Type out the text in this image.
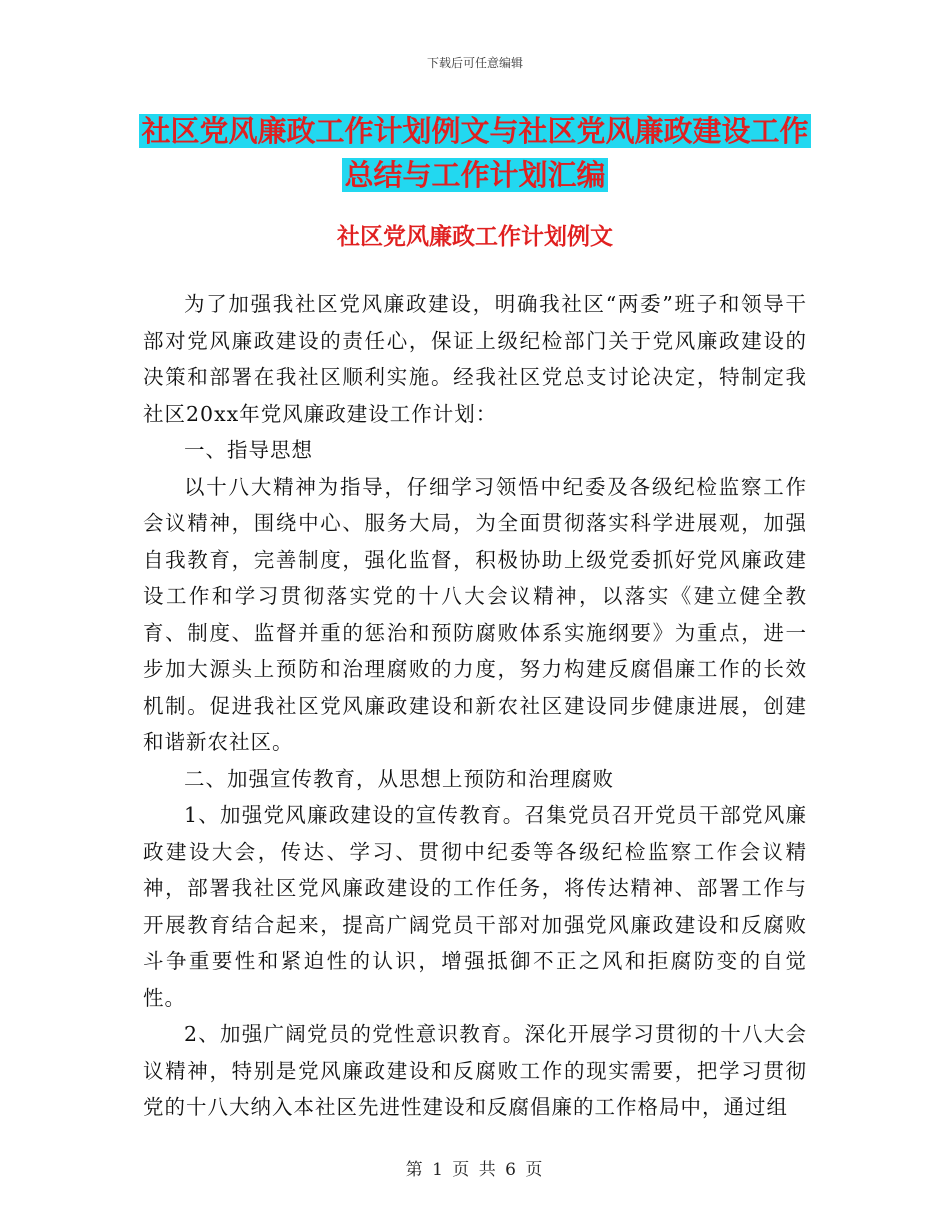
下载后可任意编辑
社区党风廉政工作计划例文与社区党风廉政建设工作
总结与工作计划汇编
社区党风廉政工作计划例文

为了加强我社区党风廉政建设，明确我社区“两委”班子和领导干部对党风廉政建设的责任心，保证上级纪检部门关于党风廉政建设的决策和部署在我社区顺利实施。经我社区党总支讨论决定，特制定我社区20xx年党风廉政建设工作计划：

一、指导思想

以十八大精神为指导，仔细学习领悟中纪委及各级纪检监察工作会议精神，围绕中心、服务大局，为全面贯彻落实科学进展观，加强自我教育，完善制度，强化监督，积极协助上级党委抓好党风廉政建设工作和学习贯彻落实党的十八大会议精神，以落实《建立健全教育、制度、监督并重的惩治和预防腐败体系实施纲要》为重点，进一步加大源头上预防和治理腐败的力度，努力构建反腐倡廉工作的长效机制。促进我社区党风廉政建设和新农社区建设同步健康进展，创建和谐新农社区。

二、加强宣传教育，从思想上预防和治理腐败

1、加强党风廉政建设的宣传教育。召集党员召开党员干部党风廉政建设大会，传达、学习、贯彻中纪委等各级纪检监察工作会议精神，部署我社区党风廉政建设的工作任务，将传达精神、部署工作与开展教育结合起来，提高广阔党员干部对加强党风廉政建设和反腐败斗争重要性和紧迫性的认识，增强抵御不正之风和拒腐防变的自觉性。

2、加强广阔党员的党性意识教育。深化开展学习贯彻的十八大会议精神，特别是党风廉政建设和反腐败工作的现实需要，把学习贯彻党的十八大纳入本社区先进性建设和反腐倡廉的工作格局中，通过组

第 1 页 共 6 页
